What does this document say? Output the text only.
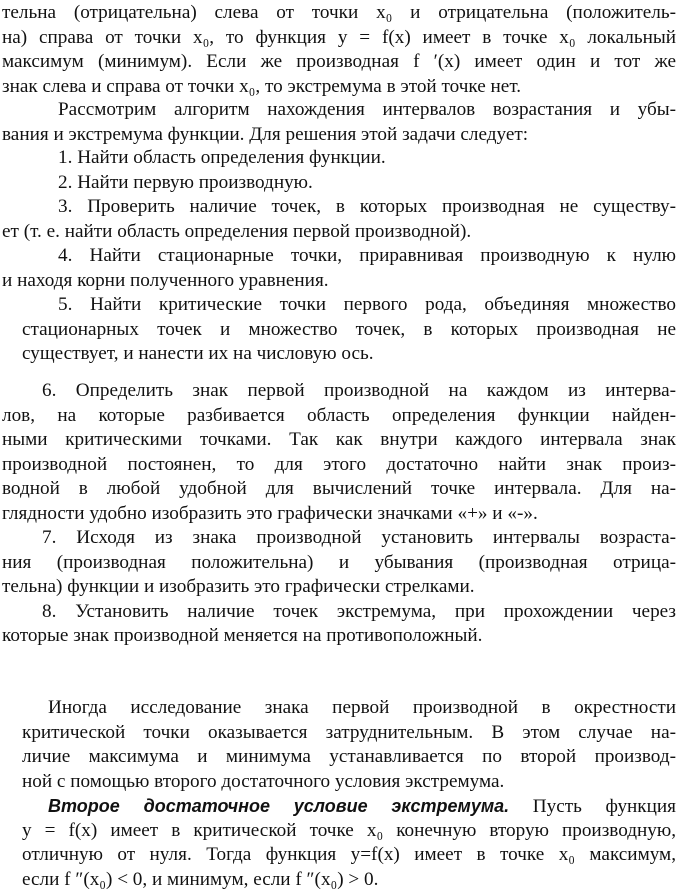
тельна (отрицательна) слева от точки x₀ и отрицательна (положитель-
на) справа от точки x₀, то функция y = f(x) имеет в точке x₀ локальный
максимум (минимум). Если же производная f ′(x) имеет один и тот же
знак слева и справа от точки x₀, то экстремума в этой точке нет.
Рассмотрим алгоритм нахождения интервалов возрастания и убы-
вания и экстремума функции. Для решения этой задачи следует:
1. Найти область определения функции.
2. Найти первую производную.
3. Проверить наличие точек, в которых производная не существу-
ет (т. е. найти область определения первой производной).
4. Найти стационарные точки, приравнивая производную к нулю
и находя корни полученного уравнения.
5. Найти критические точки первого рода, объединяя множество
стационарных точек и множество точек, в которых производная не
существует, и нанести их на числовую ось.
6. Определить знак первой производной на каждом из интерва-
лов, на которые разбивается область определения функции найден-
ными критическими точками. Так как внутри каждого интервала знак
производной постоянен, то для этого достаточно найти знак произ-
водной в любой удобной для вычислений точке интервала. Для на-
глядности удобно изобразить это графически значками «+» и «-».
7. Исходя из знака производной установить интервалы возраста-
ния (производная положительна) и убывания (производная отрица-
тельна) функции и изобразить это графически стрелками.
8. Установить наличие точек экстремума, при прохождении через
которые знак производной меняется на противоположный.
Иногда исследование знака первой производной в окрестности
критической точки оказывается затруднительным. В этом случае на-
личие максимума и минимума устанавливается по второй производ-
ной с помощью второго достаточного условия экстремума.
Второе достаточное условие экстремума. Пусть функция
y = f(x) имеет в критической точке x₀ конечную вторую производную,
отличную от нуля. Тогда функция y=f(x) имеет в точке x₀ максимум,
если f ″(x₀) < 0, и минимум, если f ″(x₀) > 0.
